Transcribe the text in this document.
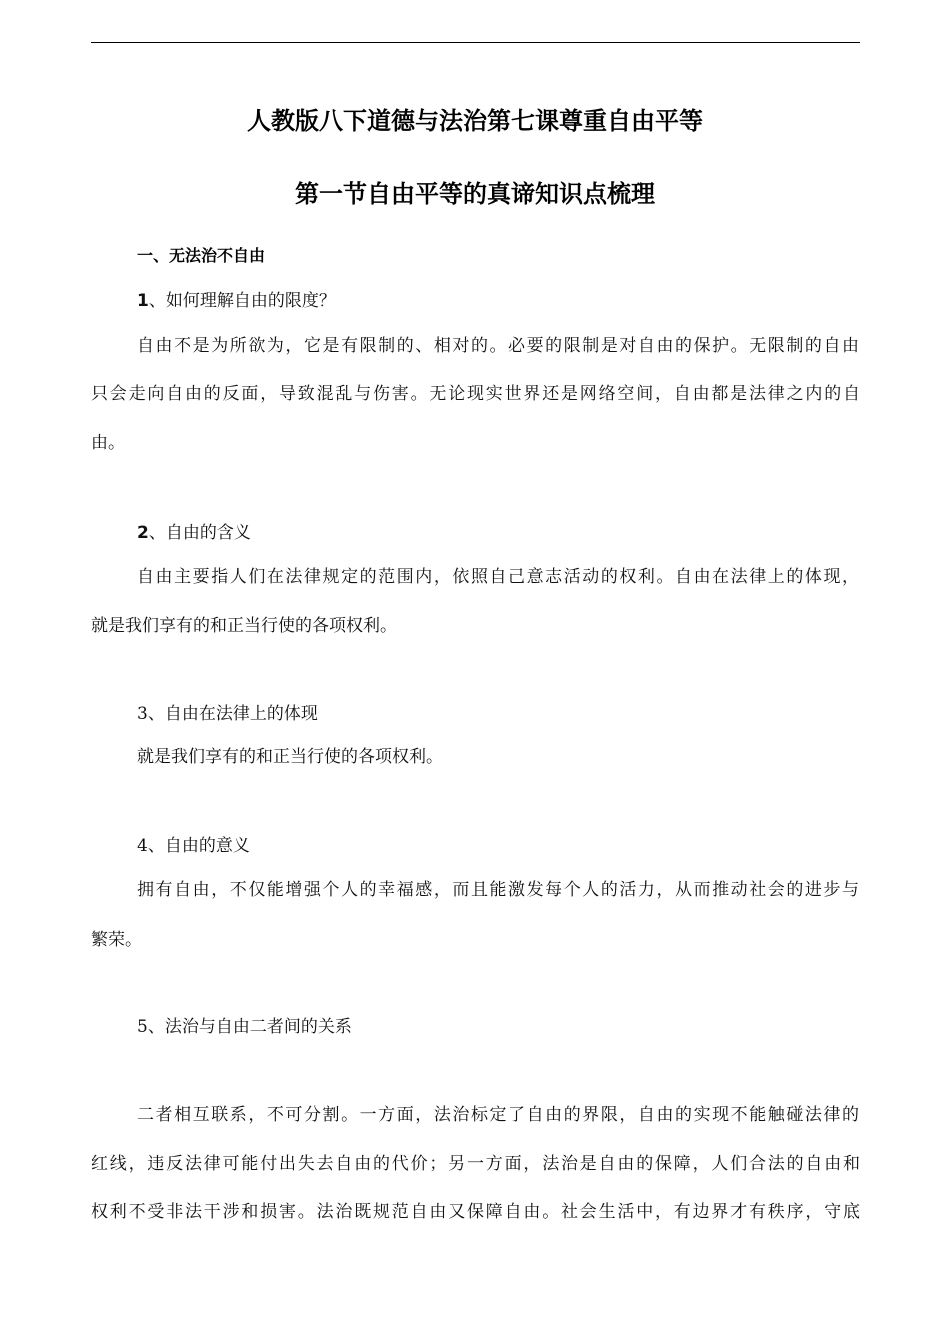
人教版八下道德与法治第七课尊重自由平等
第一节自由平等的真谛知识点梳理
一、无法治不自由
1、如何理解自由的限度？
自由不是为所欲为，它是有限制的、相对的。必要的限制是对自由的保护。无限制的自由
只会走向自由的反面，导致混乱与伤害。无论现实世界还是网络空间，自由都是法律之内的自
由。
2、自由的含义
自由主要指人们在法律规定的范围内，依照自己意志活动的权利。自由在法律上的体现，
就是我们享有的和正当行使的各项权利。
3、自由在法律上的体现
就是我们享有的和正当行使的各项权利。
4、自由的意义
拥有自由，不仅能增强个人的幸福感，而且能激发每个人的活力，从而推动社会的进步与
繁荣。
5、法治与自由二者间的关系
二者相互联系，不可分割。一方面，法治标定了自由的界限，自由的实现不能触碰法律的
红线，违反法律可能付出失去自由的代价；另一方面，法治是自由的保障，人们合法的自由和
权利不受非法干涉和损害。法治既规范自由又保障自由。社会生活中，有边界才有秩序，守底
